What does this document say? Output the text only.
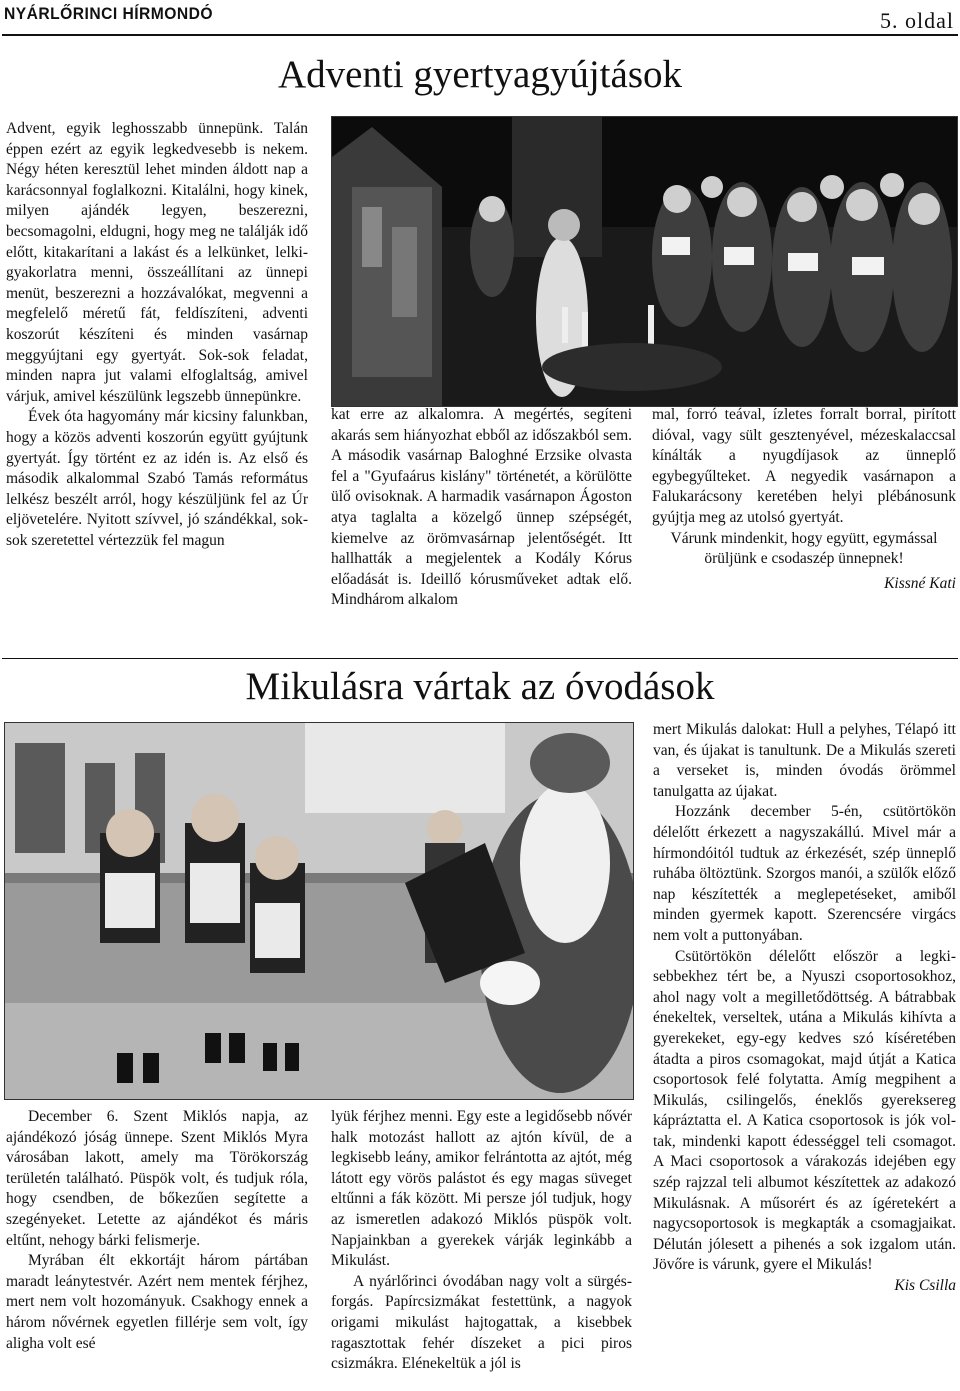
NYÁRLŐRINCI HÍRMONDÓ	5. oldal
Adventi gyertyagyújtások

Advent, egyik leghosszabb ünnepünk. Talán éppen ezért az egyik legkedvesebb is nekem. Négy héten keresztül lehet minden áldott nap a karácsonnyal foglalkozni. Kitalálni, hogy kinek, milyen ajándék legyen, beszerezni, becsomagolni, eldugni, hogy meg ne találják idő előtt, kitakarítani a lakást és a lelkünket, lelkigyakorlatra menni, összeállítani az ünnepi menüt, beszerezni a hozzávalókat, megvenni a megfelelő méretű fát, feldíszíteni, adventi koszorút készíteni és minden vasárnap meggyújtani egy gyertyát. Sok-sok feladat, minden napra jut valami elfoglaltság, amivel várjuk, amivel készülünk legszebb ünnepünkre.

Évek óta hagyomány már kicsiny falunkban, hogy a közös adventi koszorún együtt gyújtunk gyertyát. Így történt ez az idén is. Az első és második alkalommal Szabó Tamás református lelkész beszélt arról, hogy készüljünk fel az Úr eljövetelére. Nyitott szívvel, jó szándékkal, sok-sok szeretettel vértezzük fel magun

kat erre az alkalomra. A megértés, segíteni akarás sem hiányozhat ebből az időszakból sem. A második vasárnap Baloghné Erzsike olvasta fel a "Gyufaárus kislány" történetét, a körülötte ülő ovisoknak. A harmadik vasárnapon Ágoston atya taglalta a közelgő ünnep szépségét, kiemelve az örömvasárnap jelentőségét. Itt hallhatták a megjelentek a Kodály Kórus előadását is. Ideillő kórusműveket adtak elő. Mindhárom alkalom

mal, forró teával, ízletes forralt borral, pirított dióval, vagy sült gesztenyével, mézeskalaccsal kínálták a nyugdíjasok az ünneplő egybegyűlteket. A negyedik vasárnapon a Falukarácsony keretében helyi plébánosunk gyújtja meg az utolsó gyertyát.

Várunk mindenkit, hogy együtt, egymással örüljünk e csodaszép ünnepnek!

Kissné Kati

Mikulásra vártak az óvodások

December 6. Szent Miklós napja, az ajándékozó jóság ünnepe. Szent Miklós Myra városában lakott, amely ma Törökország területén található. Püspök volt, és tudjuk róla, hogy csendben, de bőkezűen segítette a szegényeket. Letette az ajándékot és máris eltűnt, nehogy bárki felismerje.

Myrában élt ekkortájt három pártában maradt leánytestvér. Azért nem mentek férjhez, mert nem volt hozományuk. Csakhogy ennek a három nővérnek egyetlen fillérje sem volt, így aligha volt esé

lyük férjhez menni. Egy este a legidősebb nővér halk motozást hallott az ajtón kívül, de a legkisebb leány, amikor felrántotta az ajtót, még látott egy vörös palástot és egy magas süveget eltűnni a fák között. Mi persze jól tudjuk, hogy az ismeretlen adakozó Miklós püspök volt. Napjainkban a gyerekek várják leginkább a Mikulást.

A nyárlőrinci óvodában nagy volt a sürgés-forgás. Papírcsizmákat festettünk, a nagyok origami mikulást hajtogattak, a kisebbek ragasztottak fehér díszeket a pici piros csizmákra. Elénekeltük a jól is

mert Mikulás dalokat: Hull a pelyhes, Télapó itt van, és újakat is tanultunk. De a Mikulás szereti a verseket is, minden óvodás örömmel tanulgatta az újakat.

Hozzánk december 5-én, csütörtökön délelőtt érkezett a nagyszakállú. Mivel már a hírmondóitól tudtuk az érkezését, szép ünneplő ruhába öltöztünk. Szorgos manói, a szülők előző nap készítették a meglepetéseket, amiből minden gyermek kapott. Szerencsére virgács nem volt a puttonyában.

Csütörtökön délelőtt először a legkisebbekhez tért be, a Nyuszi csoportosokhoz, ahol nagy volt a megilletődöttség. A bátrabbak énekeltek, verseltek, utána a Mikulás kihívta a gyerekeket, egy-egy kedves szó kíséretében átadta a piros csomagokat, majd útját a Katica csoportosok felé folytatta. Amíg megpihent a Mikulás, csilingelős, éneklős gyereksereg kápráztatta el. A Katica csoportosok is jók voltak, mindenki kapott édességgel teli csomagot. A Maci csoportosok a várakozás idejében egy szép rajzzal teli albumot készítettek az adakozó Mikulásnak. A műsorért és az ígéretekért a nagycsoportosok is megkapták a csomagjaikat. Délután jólesett a pihenés a sok izgalom után. Jövőre is várunk, gyere el Mikulás!

Kis Csilla
